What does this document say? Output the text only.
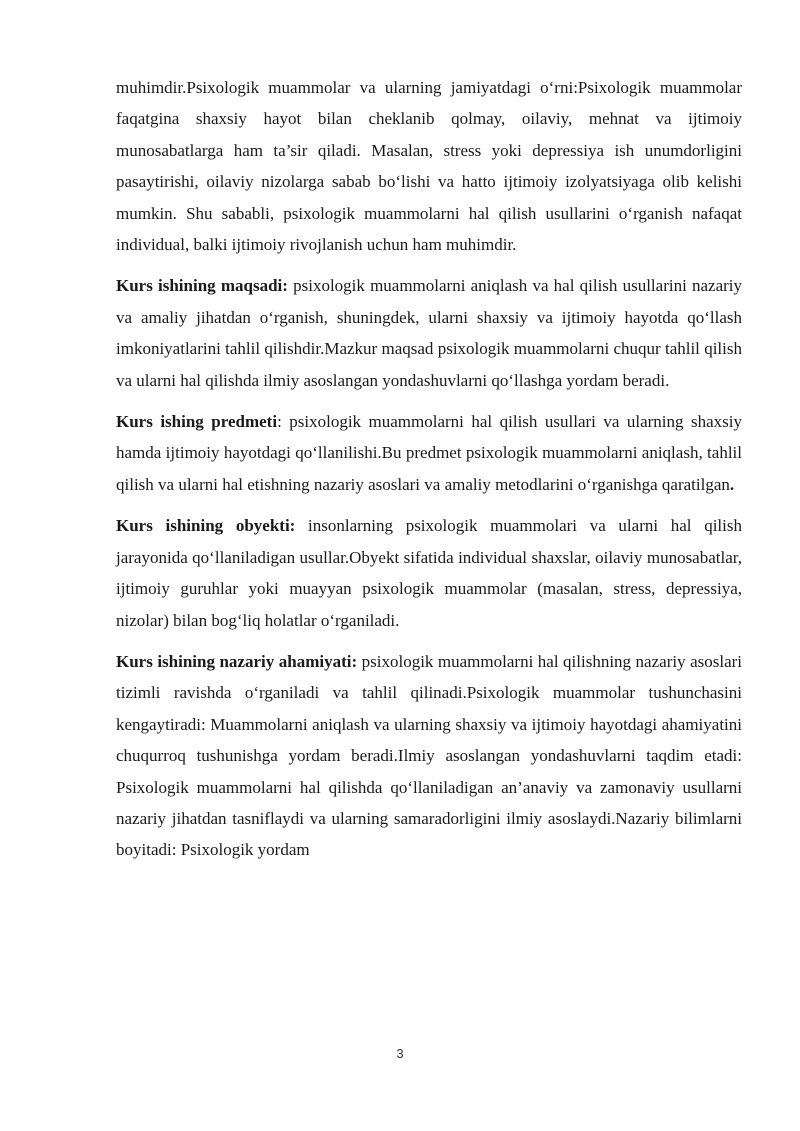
muhimdir.Psixologik muammolar va ularning jamiyatdagi o‘rni:Psixologik muammolar faqatgina shaxsiy hayot bilan cheklanib qolmay, oilaviy, mehnat va ijtimoiy munosabatlarga ham ta’sir qiladi. Masalan, stress yoki depressiya ish unumdorligini pasaytirishi, oilaviy nizolarga sabab bo‘lishi va hatto ijtimoiy izolyatsiyaga olib kelishi mumkin. Shu sababli, psixologik muammolarni hal qilish usullarini o‘rganish nafaqat individual, balki ijtimoiy rivojlanish uchun ham muhimdir.

Kurs ishining maqsadi: psixologik muammolarni aniqlash va hal qilish usullarini nazariy va amaliy jihatdan o‘rganish, shuningdek, ularni shaxsiy va ijtimoiy hayotda qo‘llash imkoniyatlarini tahlil qilishdir.Mazkur maqsad psixologik muammolarni chuqur tahlil qilish va ularni hal qilishda ilmiy asoslangan yondashuvlarni qo‘llashga yordam beradi.

Kurs ishing predmeti: psixologik muammolarni hal qilish usullari va ularning shaxsiy hamda ijtimoiy hayotdagi qo‘llanilishi.Bu predmet psixologik muammolarni aniqlash, tahlil qilish va ularni hal etishning nazariy asoslari va amaliy metodlarini o‘rganishga qaratilgan.

Kurs ishining obyekti: insonlarning psixologik muammolari va ularni hal qilish jarayonida qo‘llaniladigan usullar.Obyekt sifatida individual shaxslar, oilaviy munosabatlar, ijtimoiy guruhlar yoki muayyan psixologik muammolar (masalan, stress, depressiya, nizolar) bilan bog‘liq holatlar o‘rganiladi.

Kurs ishining nazariy ahamiyati: psixologik muammolarni hal qilishning nazariy asoslari tizimli ravishda o‘rganiladi va tahlil qilinadi.Psixologik muammolar tushunchasini kengaytiradi: Muammolarni aniqlash va ularning shaxsiy va ijtimoiy hayotdagi ahamiyatini chuqurroq tushunishga yordam beradi.Ilmiy asoslangan yondashuvlarni taqdim etadi: Psixologik muammolarni hal qilishda qo‘llaniladigan an’anaviy va zamonaviy usullarni nazariy jihatdan tasniflaydi va ularning samaradorligini ilmiy asoslaydi.Nazariy bilimlarni boyitadi: Psixologik yordam

3
